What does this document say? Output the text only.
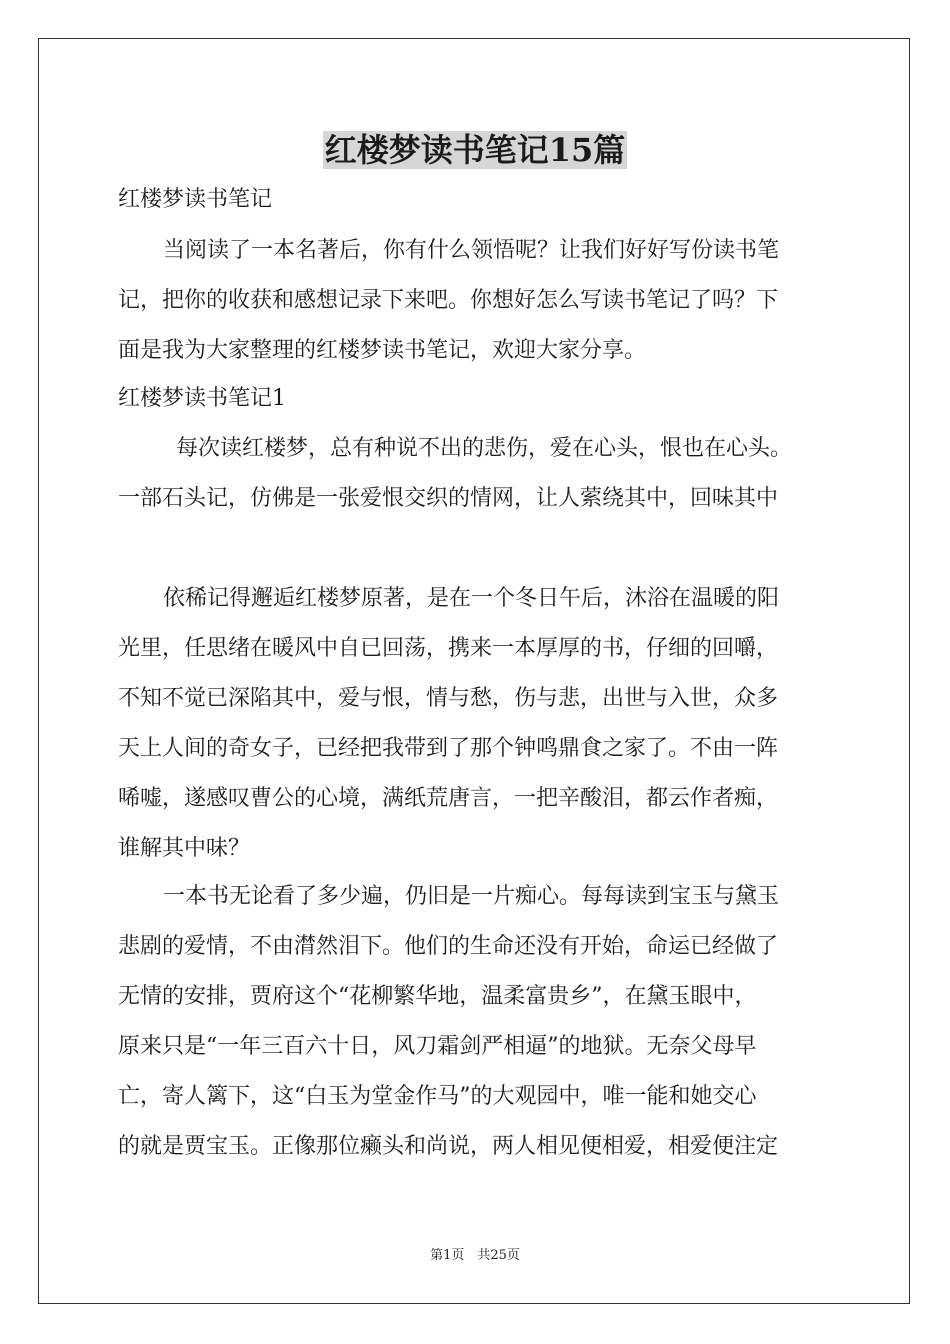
红楼梦读书笔记15篇

红楼梦读书笔记

当阅读了一本名著后，你有什么领悟呢？让我们好好写份读书笔

记，把你的收获和感想记录下来吧。你想好怎么写读书笔记了吗？下

面是我为大家整理的红楼梦读书笔记，欢迎大家分享。

红楼梦读书笔记1

每次读红楼梦，总有种说不出的悲伤，爱在心头，恨也在心头。

一部石头记，仿佛是一张爱恨交织的情网，让人萦绕其中，回味其中

依稀记得邂逅红楼梦原著，是在一个冬日午后，沐浴在温暖的阳

光里，任思绪在暖风中自已回荡，携来一本厚厚的书，仔细的回嚼，

不知不觉已深陷其中，爱与恨，情与愁，伤与悲，出世与入世，众多

天上人间的奇女子，已经把我带到了那个钟鸣鼎食之家了。不由一阵

唏嘘，遂感叹曹公的心境，满纸荒唐言，一把辛酸泪，都云作者痴，

谁解其中味？

一本书无论看了多少遍，仍旧是一片痴心。每每读到宝玉与黛玉

悲剧的爱情，不由潸然泪下。他们的生命还没有开始，命运已经做了

无情的安排，贾府这个“花柳繁华地，温柔富贵乡”，在黛玉眼中，

原来只是“一年三百六十日，风刀霜剑严相逼”的地狱。无奈父母早

亡，寄人篱下，这“白玉为堂金作马”的大观园中，唯一能和她交心

的就是贾宝玉。正像那位癞头和尚说，两人相见便相爱，相爱便注定

第1页　共25页
